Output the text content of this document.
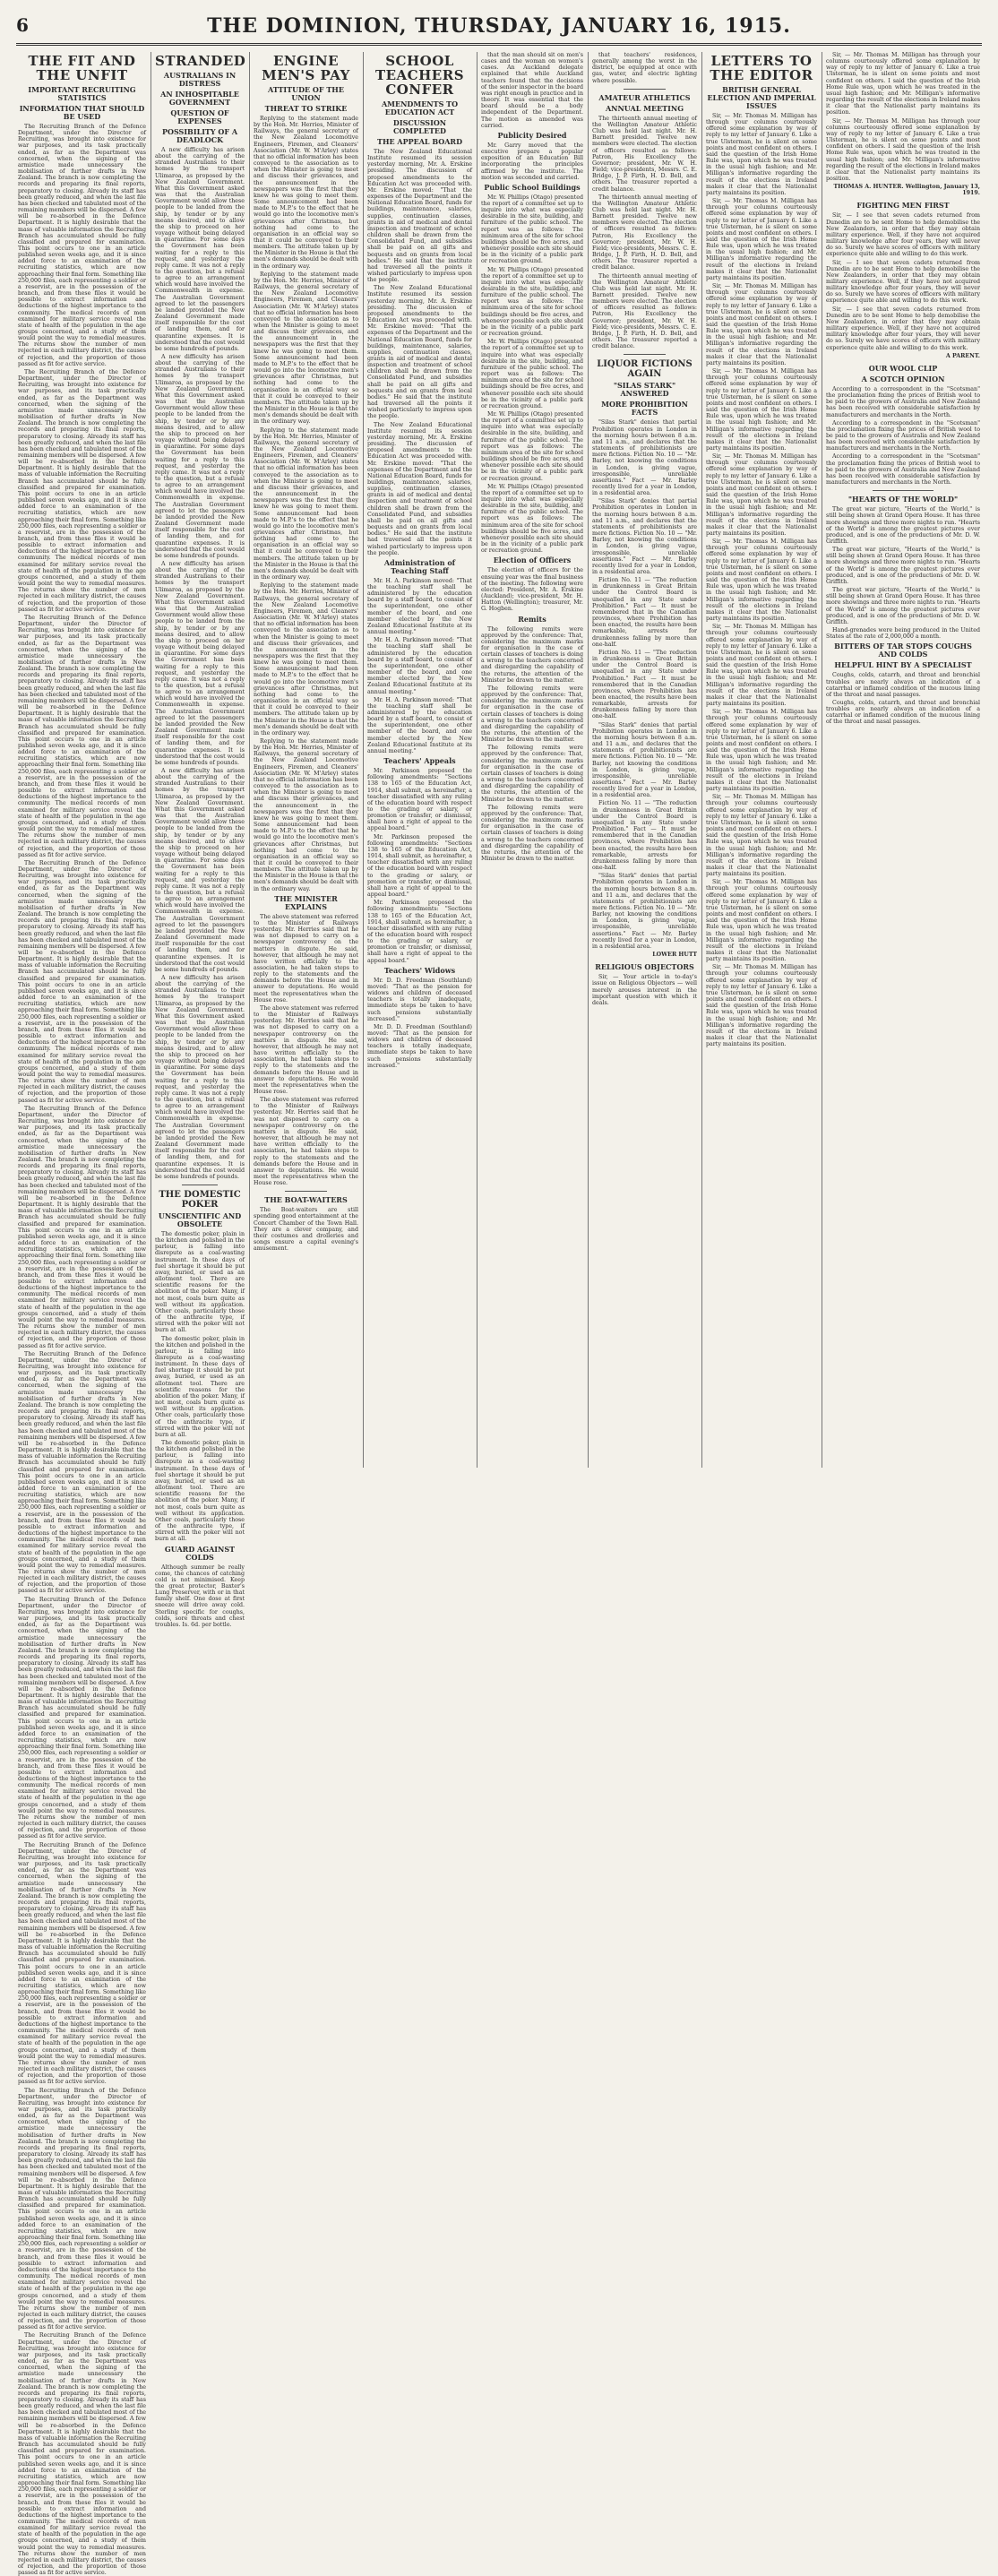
6	THE DOMINION, THURSDAY, JANUARY 16, 1915.
THE FIT AND THE UNFIT
IMPORTANT RECRUITING STATISTICS
INFORMATION THAT SHOULD BE USED

The Recruiting Branch of the Defence Department, under the Director of Recruiting, was brought into existence for war purposes, and its task practically ended, as far as the Department was concerned, when the signing of the armistice made unnecessary the mobilisation of further drafts in New Zealand. The branch is now completing the records and preparing its final reports, preparatory to closing. Already its staff has been greatly reduced, and when the last file has been checked and tabulated most of the remaining members will be dispersed. A few will be re-absorbed in the Defence Department. It is highly desirable that the mass of valuable information the Recruiting Branch has accumulated should be fully classified and prepared for examination. This point occurs to one in an article published seven weeks ago, and it is since added force to an examination of the recruiting statistics, which are now approaching their final form. Something like 250,000 files, each representing a soldier or a reservist, are in the possession of the branch, and from these files it would be possible to extract information and deductions of the highest importance to the community. The medical records of men examined for military service reveal the state of health of the population in the age groups concerned, and a study of them would point the way to remedial measures. The returns show the number of men rejected in each military district, the causes of rejection, and the proportion of those passed as fit for active service.

The Recruiting Branch of the Defence Department, under the Director of Recruiting, was brought into existence for war purposes, and its task practically ended, as far as the Department was concerned, when the signing of the armistice made unnecessary the mobilisation of further drafts in New Zealand. The branch is now completing the records and preparing its final reports, preparatory to closing. Already its staff has been greatly reduced, and when the last file has been checked and tabulated most of the remaining members will be dispersed. A few will be re-absorbed in the Defence Department. It is highly desirable that the mass of valuable information the Recruiting Branch has accumulated should be fully classified and prepared for examination. This point occurs to one in an article published seven weeks ago, and it is since added force to an examination of the recruiting statistics, which are now approaching their final form. Something like 250,000 files, each representing a soldier or a reservist, are in the possession of the branch, and from these files it would be possible to extract information and deductions of the highest importance to the community. The medical records of men examined for military service reveal the state of health of the population in the age groups concerned, and a study of them would point the way to remedial measures. The returns show the number of men rejected in each military district, the causes of rejection, and the proportion of those passed as fit for active service.

The Recruiting Branch of the Defence Department, under the Director of Recruiting, was brought into existence for war purposes, and its task practically ended, as far as the Department was concerned, when the signing of the armistice made unnecessary the mobilisation of further drafts in New Zealand. The branch is now completing the records and preparing its final reports, preparatory to closing. Already its staff has been greatly reduced, and when the last file has been checked and tabulated most of the remaining members will be dispersed. A few will be re-absorbed in the Defence Department. It is highly desirable that the mass of valuable information the Recruiting Branch has accumulated should be fully classified and prepared for examination. This point occurs to one in an article published seven weeks ago, and it is since added force to an examination of the recruiting statistics, which are now approaching their final form. Something like 250,000 files, each representing a soldier or a reservist, are in the possession of the branch, and from these files it would be possible to extract information and deductions of the highest importance to the community. The medical records of men examined for military service reveal the state of health of the population in the age groups concerned, and a study of them would point the way to remedial measures. The returns show the number of men rejected in each military district, the causes of rejection, and the proportion of those passed as fit for active service.

The Recruiting Branch of the Defence Department, under the Director of Recruiting, was brought into existence for war purposes, and its task practically ended, as far as the Department was concerned, when the signing of the armistice made unnecessary the mobilisation of further drafts in New Zealand. The branch is now completing the records and preparing its final reports, preparatory to closing. Already its staff has been greatly reduced, and when the last file has been checked and tabulated most of the remaining members will be dispersed. A few will be re-absorbed in the Defence Department. It is highly desirable that the mass of valuable information the Recruiting Branch has accumulated should be fully classified and prepared for examination. This point occurs to one in an article published seven weeks ago, and it is since added force to an examination of the recruiting statistics, which are now approaching their final form. Something like 250,000 files, each representing a soldier or a reservist, are in the possession of the branch, and from these files it would be possible to extract information and deductions of the highest importance to the community. The medical records of men examined for military service reveal the state of health of the population in the age groups concerned, and a study of them would point the way to remedial measures. The returns show the number of men rejected in each military district, the causes of rejection, and the proportion of those passed as fit for active service.

The Recruiting Branch of the Defence Department, under the Director of Recruiting, was brought into existence for war purposes, and its task practically ended, as far as the Department was concerned, when the signing of the armistice made unnecessary the mobilisation of further drafts in New Zealand. The branch is now completing the records and preparing its final reports, preparatory to closing. Already its staff has been greatly reduced, and when the last file has been checked and tabulated most of the remaining members will be dispersed. A few will be re-absorbed in the Defence Department. It is highly desirable that the mass of valuable information the Recruiting Branch has accumulated should be fully classified and prepared for examination. This point occurs to one in an article published seven weeks ago, and it is since added force to an examination of the recruiting statistics, which are now approaching their final form. Something like 250,000 files, each representing a soldier or a reservist, are in the possession of the branch, and from these files it would be possible to extract information and deductions of the highest importance to the community. The medical records of men examined for military service reveal the state of health of the population in the age groups concerned, and a study of them would point the way to remedial measures. The returns show the number of men rejected in each military district, the causes of rejection, and the proportion of those passed as fit for active service.

The Recruiting Branch of the Defence Department, under the Director of Recruiting, was brought into existence for war purposes, and its task practically ended, as far as the Department was concerned, when the signing of the armistice made unnecessary the mobilisation of further drafts in New Zealand. The branch is now completing the records and preparing its final reports, preparatory to closing. Already its staff has been greatly reduced, and when the last file has been checked and tabulated most of the remaining members will be dispersed. A few will be re-absorbed in the Defence Department. It is highly desirable that the mass of valuable information the Recruiting Branch has accumulated should be fully classified and prepared for examination. This point occurs to one in an article published seven weeks ago, and it is since added force to an examination of the recruiting statistics, which are now approaching their final form. Something like 250,000 files, each representing a soldier or a reservist, are in the possession of the branch, and from these files it would be possible to extract information and deductions of the highest importance to the community. The medical records of men examined for military service reveal the state of health of the population in the age groups concerned, and a study of them would point the way to remedial measures. The returns show the number of men rejected in each military district, the causes of rejection, and the proportion of those passed as fit for active service.

The Recruiting Branch of the Defence Department, under the Director of Recruiting, was brought into existence for war purposes, and its task practically ended, as far as the Department was concerned, when the signing of the armistice made unnecessary the mobilisation of further drafts in New Zealand. The branch is now completing the records and preparing its final reports, preparatory to closing. Already its staff has been greatly reduced, and when the last file has been checked and tabulated most of the remaining members will be dispersed. A few will be re-absorbed in the Defence Department. It is highly desirable that the mass of valuable information the Recruiting Branch has accumulated should be fully classified and prepared for examination. This point occurs to one in an article published seven weeks ago, and it is since added force to an examination of the recruiting statistics, which are now approaching their final form. Something like 250,000 files, each representing a soldier or a reservist, are in the possession of the branch, and from these files it would be possible to extract information and deductions of the highest importance to the community. The medical records of men examined for military service reveal the state of health of the population in the age groups concerned, and a study of them would point the way to remedial measures. The returns show the number of men rejected in each military district, the causes of rejection, and the proportion of those passed as fit for active service.

The Recruiting Branch of the Defence Department, under the Director of Recruiting, was brought into existence for war purposes, and its task practically ended, as far as the Department was concerned, when the signing of the armistice made unnecessary the mobilisation of further drafts in New Zealand. The branch is now completing the records and preparing its final reports, preparatory to closing. Already its staff has been greatly reduced, and when the last file has been checked and tabulated most of the remaining members will be dispersed. A few will be re-absorbed in the Defence Department. It is highly desirable that the mass of valuable information the Recruiting Branch has accumulated should be fully classified and prepared for examination. This point occurs to one in an article published seven weeks ago, and it is since added force to an examination of the recruiting statistics, which are now approaching their final form. Something like 250,000 files, each representing a soldier or a reservist, are in the possession of the branch, and from these files it would be possible to extract information and deductions of the highest importance to the community. The medical records of men examined for military service reveal the state of health of the population in the age groups concerned, and a study of them would point the way to remedial measures. The returns show the number of men rejected in each military district, the causes of rejection, and the proportion of those passed as fit for active service.

The Recruiting Branch of the Defence Department, under the Director of Recruiting, was brought into existence for war purposes, and its task practically ended, as far as the Department was concerned, when the signing of the armistice made unnecessary the mobilisation of further drafts in New Zealand. The branch is now completing the records and preparing its final reports, preparatory to closing. Already its staff has been greatly reduced, and when the last file has been checked and tabulated most of the remaining members will be dispersed. A few will be re-absorbed in the Defence Department. It is highly desirable that the mass of valuable information the Recruiting Branch has accumulated should be fully classified and prepared for examination. This point occurs to one in an article published seven weeks ago, and it is since added force to an examination of the recruiting statistics, which are now approaching their final form. Something like 250,000 files, each representing a soldier or a reservist, are in the possession of the branch, and from these files it would be possible to extract information and deductions of the highest importance to the community. The medical records of men examined for military service reveal the state of health of the population in the age groups concerned, and a study of them would point the way to remedial measures. The returns show the number of men rejected in each military district, the causes of rejection, and the proportion of those passed as fit for active service.

The Recruiting Branch of the Defence Department, under the Director of Recruiting, was brought into existence for war purposes, and its task practically ended, as far as the Department was concerned, when the signing of the armistice made unnecessary the mobilisation of further drafts in New Zealand. The branch is now completing the records and preparing its final reports, preparatory to closing. Already its staff has been greatly reduced, and when the last file has been checked and tabulated most of the remaining members will be dispersed. A few will be re-absorbed in the Defence Department. It is highly desirable that the mass of valuable information the Recruiting Branch has accumulated should be fully classified and prepared for examination. This point occurs to one in an article published seven weeks ago, and it is since added force to an examination of the recruiting statistics, which are now approaching their final form. Something like 250,000 files, each representing a soldier or a reservist, are in the possession of the branch, and from these files it would be possible to extract information and deductions of the highest importance to the community. The medical records of men examined for military service reveal the state of health of the population in the age groups concerned, and a study of them would point the way to remedial measures. The returns show the number of men rejected in each military district, the causes of rejection, and the proportion of those passed as fit for active service.

STRANDED
AUSTRALIANS IN DISTRESS
AN INHOSPITABLE GOVERNMENT
QUESTION OF EXPENSES
POSSIBILITY OF A DEADLOCK

A new difficulty has arisen about the carrying of the stranded Australians to their homes by the transport Ulimaroa, as proposed by the New Zealand Government. What this Government asked was that the Australian Government would allow these people to be landed from the ship, by tender or by any means desired, and to allow the ship to proceed on her voyage without being delayed in quarantine. For some days the Government has been waiting for a reply to this request, and yesterday the reply came. It was not a reply to the question, but a refusal to agree to an arrangement which would have involved the Commonwealth in expense. The Australian Government agreed to let the passengers be landed provided the New Zealand Government made itself responsible for the cost of landing them, and for quarantine expenses. It is understood that the cost would be some hundreds of pounds.

A new difficulty has arisen about the carrying of the stranded Australians to their homes by the transport Ulimaroa, as proposed by the New Zealand Government. What this Government asked was that the Australian Government would allow these people to be landed from the ship, by tender or by any means desired, and to allow the ship to proceed on her voyage without being delayed in quarantine. For some days the Government has been waiting for a reply to this request, and yesterday the reply came. It was not a reply to the question, but a refusal to agree to an arrangement which would have involved the Commonwealth in expense. The Australian Government agreed to let the passengers be landed provided the New Zealand Government made itself responsible for the cost of landing them, and for quarantine expenses. It is understood that the cost would be some hundreds of pounds.

A new difficulty has arisen about the carrying of the stranded Australians to their homes by the transport Ulimaroa, as proposed by the New Zealand Government. What this Government asked was that the Australian Government would allow these people to be landed from the ship, by tender or by any means desired, and to allow the ship to proceed on her voyage without being delayed in quarantine. For some days the Government has been waiting for a reply to this request, and yesterday the reply came. It was not a reply to the question, but a refusal to agree to an arrangement which would have involved the Commonwealth in expense. The Australian Government agreed to let the passengers be landed provided the New Zealand Government made itself responsible for the cost of landing them, and for quarantine expenses. It is understood that the cost would be some hundreds of pounds.

A new difficulty has arisen about the carrying of the stranded Australians to their homes by the transport Ulimaroa, as proposed by the New Zealand Government. What this Government asked was that the Australian Government would allow these people to be landed from the ship, by tender or by any means desired, and to allow the ship to proceed on her voyage without being delayed in quarantine. For some days the Government has been waiting for a reply to this request, and yesterday the reply came. It was not a reply to the question, but a refusal to agree to an arrangement which would have involved the Commonwealth in expense. The Australian Government agreed to let the passengers be landed provided the New Zealand Government made itself responsible for the cost of landing them, and for quarantine expenses. It is understood that the cost would be some hundreds of pounds.

A new difficulty has arisen about the carrying of the stranded Australians to their homes by the transport Ulimaroa, as proposed by the New Zealand Government. What this Government asked was that the Australian Government would allow these people to be landed from the ship, by tender or by any means desired, and to allow the ship to proceed on her voyage without being delayed in quarantine. For some days the Government has been waiting for a reply to this request, and yesterday the reply came. It was not a reply to the question, but a refusal to agree to an arrangement which would have involved the Commonwealth in expense. The Australian Government agreed to let the passengers be landed provided the New Zealand Government made itself responsible for the cost of landing them, and for quarantine expenses. It is understood that the cost would be some hundreds of pounds.

THE DOMESTIC POKER
UNSCIENTIFIC AND OBSOLETE

The domestic poker, plain in the kitchen and polished in the parlour, is falling into disrepute as a coal-wasting instrument. In these days of fuel shortage it should be put away, buried, or used as an allotment tool. There are scientific reasons for the abolition of the poker. Many, if not most, coals burn quite as well without its application. Other coals, particularly those of the anthracite type, if stirred with the poker will not burn at all.

The domestic poker, plain in the kitchen and polished in the parlour, is falling into disrepute as a coal-wasting instrument. In these days of fuel shortage it should be put away, buried, or used as an allotment tool. There are scientific reasons for the abolition of the poker. Many, if not most, coals burn quite as well without its application. Other coals, particularly those of the anthracite type, if stirred with the poker will not burn at all.

The domestic poker, plain in the kitchen and polished in the parlour, is falling into disrepute as a coal-wasting instrument. In these days of fuel shortage it should be put away, buried, or used as an allotment tool. There are scientific reasons for the abolition of the poker. Many, if not most, coals burn quite as well without its application. Other coals, particularly those of the anthracite type, if stirred with the poker will not burn at all.

GUARD AGAINST COLDS

Although summer be really come, the chances of catching cold is not minimised. Keep the great protector, Baxter's Lung Preserver, with or in that family shelf. One dose at first sneeze will drive away cold. Sterling specific for coughs, colds, sore throats and chest troubles. Is. 6d. per bottle.

ENGINE MEN'S PAY
ATTITUDE OF THE UNION
THREAT TO STRIKE

Replying to the statement made by the Hon. Mr. Herries, Minister of Railways, the general secretary of the New Zealand Locomotive Engineers, Firemen, and Cleaners' Association (Mr. W. M'Arley) states that no official information has been conveyed to the association as to when the Minister is going to meet and discuss their grievances, and the announcement in the newspapers was the first that they knew he was going to meet them. Some announcement had been made to M.P.'s to the effect that he would go into the locomotive men's grievances after Christmas, but nothing had come to the organisation in an official way so that it could be conveyed to their members. The attitude taken up by the Minister in the House is that the men's demands should be dealt with in the ordinary way.

Replying to the statement made by the Hon. Mr. Herries, Minister of Railways, the general secretary of the New Zealand Locomotive Engineers, Firemen, and Cleaners' Association (Mr. W. M'Arley) states that no official information has been conveyed to the association as to when the Minister is going to meet and discuss their grievances, and the announcement in the newspapers was the first that they knew he was going to meet them. Some announcement had been made to M.P.'s to the effect that he would go into the locomotive men's grievances after Christmas, but nothing had come to the organisation in an official way so that it could be conveyed to their members. The attitude taken up by the Minister in the House is that the men's demands should be dealt with in the ordinary way.

Replying to the statement made by the Hon. Mr. Herries, Minister of Railways, the general secretary of the New Zealand Locomotive Engineers, Firemen, and Cleaners' Association (Mr. W. M'Arley) states that no official information has been conveyed to the association as to when the Minister is going to meet and discuss their grievances, and the announcement in the newspapers was the first that they knew he was going to meet them. Some announcement had been made to M.P.'s to the effect that he would go into the locomotive men's grievances after Christmas, but nothing had come to the organisation in an official way so that it could be conveyed to their members. The attitude taken up by the Minister in the House is that the men's demands should be dealt with in the ordinary way.

Replying to the statement made by the Hon. Mr. Herries, Minister of Railways, the general secretary of the New Zealand Locomotive Engineers, Firemen, and Cleaners' Association (Mr. W. M'Arley) states that no official information has been conveyed to the association as to when the Minister is going to meet and discuss their grievances, and the announcement in the newspapers was the first that they knew he was going to meet them. Some announcement had been made to M.P.'s to the effect that he would go into the locomotive men's grievances after Christmas, but nothing had come to the organisation in an official way so that it could be conveyed to their members. The attitude taken up by the Minister in the House is that the men's demands should be dealt with in the ordinary way.

Replying to the statement made by the Hon. Mr. Herries, Minister of Railways, the general secretary of the New Zealand Locomotive Engineers, Firemen, and Cleaners' Association (Mr. W. M'Arley) states that no official information has been conveyed to the association as to when the Minister is going to meet and discuss their grievances, and the announcement in the newspapers was the first that they knew he was going to meet them. Some announcement had been made to M.P.'s to the effect that he would go into the locomotive men's grievances after Christmas, but nothing had come to the organisation in an official way so that it could be conveyed to their members. The attitude taken up by the Minister in the House is that the men's demands should be dealt with in the ordinary way.

THE MINISTER EXPLAINS

The above statement was referred to the Minister of Railways yesterday. Mr. Herries said that he was not disposed to carry on a newspaper controversy on the matters in dispute. He said, however, that although he may not have written officially to the association, he had taken steps to reply to the statements and the demands before the House and in answer to deputations. He would meet the representatives when the House rose.

The above statement was referred to the Minister of Railways yesterday. Mr. Herries said that he was not disposed to carry on a newspaper controversy on the matters in dispute. He said, however, that although he may not have written officially to the association, he had taken steps to reply to the statements and the demands before the House and in answer to deputations. He would meet the representatives when the House rose.

The above statement was referred to the Minister of Railways yesterday. Mr. Herries said that he was not disposed to carry on a newspaper controversy on the matters in dispute. He said, however, that although he may not have written officially to the association, he had taken steps to reply to the statements and the demands before the House and in answer to deputations. He would meet the representatives when the House rose.

THE BOAT-WAITERS

The Boat-waiters are still spending good entertainment at the Concert Chamber of the Town Hall. They are a clever company, and their costumes and drolleries and songs ensure a capital evening's amusement.

SCHOOL TEACHERS CONFER
AMENDMENTS TO EDUCATION ACT
DISCUSSION COMPLETED
THE APPEAL BOARD

The New Zealand Educational Institute resumed its session yesterday morning, Mr. A. Erskine presiding. The discussion of proposed amendments to the Education Act was proceeded with. Mr. Erskine moved: "That the expenses of the Department and the National Education Board, funds for buildings, maintenance, salaries, supplies, continuation classes, grants in aid of medical and dental inspection and treatment of school children shall be drawn from the Consolidated Fund, and subsidies shall be paid on all gifts and bequests and on grants from local bodies." He said that the institute had traversed all the points it wished particularly to impress upon the people.

The New Zealand Educational Institute resumed its session yesterday morning, Mr. A. Erskine presiding. The discussion of proposed amendments to the Education Act was proceeded with. Mr. Erskine moved: "That the expenses of the Department and the National Education Board, funds for buildings, maintenance, salaries, supplies, continuation classes, grants in aid of medical and dental inspection and treatment of school children shall be drawn from the Consolidated Fund, and subsidies shall be paid on all gifts and bequests and on grants from local bodies." He said that the institute had traversed all the points it wished particularly to impress upon the people.

The New Zealand Educational Institute resumed its session yesterday morning, Mr. A. Erskine presiding. The discussion of proposed amendments to the Education Act was proceeded with. Mr. Erskine moved: "That the expenses of the Department and the National Education Board, funds for buildings, maintenance, salaries, supplies, continuation classes, grants in aid of medical and dental inspection and treatment of school children shall be drawn from the Consolidated Fund, and subsidies shall be paid on all gifts and bequests and on grants from local bodies." He said that the institute had traversed all the points it wished particularly to impress upon the people.

Administration of Teaching Staff

Mr. H. A. Parkinson moved: "That the teaching staff shall be administered by the education board by a staff board, to consist of the superintendent, one other member of the board, and one member elected by the New Zealand Educational Institute at its annual meeting."

Mr. H. A. Parkinson moved: "That the teaching staff shall be administered by the education board by a staff board, to consist of the superintendent, one other member of the board, and one member elected by the New Zealand Educational Institute at its annual meeting."

Mr. H. A. Parkinson moved: "That the teaching staff shall be administered by the education board by a staff board, to consist of the superintendent, one other member of the board, and one member elected by the New Zealand Educational Institute at its annual meeting."

Teachers' Appeals

Mr. Parkinson proposed the following amendments: "Sections 138 to 165 of the Education Act, 1914, shall submit, as hereinafter, a teacher dissatisfied with any ruling of the education board with respect to the grading or salary, or promotion or transfer, or dismissal, shall have a right of appeal to the appeal board."

Mr. Parkinson proposed the following amendments: "Sections 138 to 165 of the Education Act, 1914, shall submit, as hereinafter, a teacher dissatisfied with any ruling of the education board with respect to the grading or salary, or promotion or transfer, or dismissal, shall have a right of appeal to the appeal board."

Mr. Parkinson proposed the following amendments: "Sections 138 to 165 of the Education Act, 1914, shall submit, as hereinafter, a teacher dissatisfied with any ruling of the education board with respect to the grading or salary, or promotion or transfer, or dismissal, shall have a right of appeal to the appeal board."

Teachers' Widows

Mr. D. D. Freedman (Southland) moved: "That as the pension for widows and children of deceased teachers is totally inadequate, immediate steps be taken to have such pensions substantially increased."

Mr. D. D. Freedman (Southland) moved: "That as the pension for widows and children of deceased teachers is totally inadequate, immediate steps be taken to have such pensions substantially increased."

that the man should sit on men's cases and the woman on women's cases. An Auckland delegate explained that while Auckland teachers found that the decisions of the senior inspector in the board was right enough in practice and in theory. It was essential that the board should be a body independent of the Department. The motion as amended was carried.

Publicity Desired

Mr. Garry moved that the executive prepare a popular exposition of an Education Bill incorporating the principles affirmed by the institute. The motion was seconded and carried.

Public School Buildings

Mr. W. Phillips (Otago) presented the report of a committee set up to inquire into what was especially desirable in the site, building, and furniture of the public school. The report was as follows: The minimum area of the site for school buildings should be five acres, and whenever possible each site should be in the vicinity of a public park or recreation ground.

Mr. W. Phillips (Otago) presented the report of a committee set up to inquire into what was especially desirable in the site, building, and furniture of the public school. The report was as follows: The minimum area of the site for school buildings should be five acres, and whenever possible each site should be in the vicinity of a public park or recreation ground.

Mr. W. Phillips (Otago) presented the report of a committee set up to inquire into what was especially desirable in the site, building, and furniture of the public school. The report was as follows: The minimum area of the site for school buildings should be five acres, and whenever possible each site should be in the vicinity of a public park or recreation ground.

Mr. W. Phillips (Otago) presented the report of a committee set up to inquire into what was especially desirable in the site, building, and furniture of the public school. The report was as follows: The minimum area of the site for school buildings should be five acres, and whenever possible each site should be in the vicinity of a public park or recreation ground.

Mr. W. Phillips (Otago) presented the report of a committee set up to inquire into what was especially desirable in the site, building, and furniture of the public school. The report was as follows: The minimum area of the site for school buildings should be five acres, and whenever possible each site should be in the vicinity of a public park or recreation ground.

Election of Officers

The election of officers for the ensuing year was the final business of the meeting. The following were elected: President, Mr. A. Erskine (Auckland); vice-president, Mr. H. Hatton (Wellington); treasurer, Mr. G. Hogben.

Remits

The following remits were approved by the conference: That, considering the maximum marks for organisation in the case of certain classes of teachers is doing a wrong to the teachers concerned and disregarding the capability of the returns, the attention of the Minister be drawn to the matter.

The following remits were approved by the conference: That, considering the maximum marks for organisation in the case of certain classes of teachers is doing a wrong to the teachers concerned and disregarding the capability of the returns, the attention of the Minister be drawn to the matter.

The following remits were approved by the conference: That, considering the maximum marks for organisation in the case of certain classes of teachers is doing a wrong to the teachers concerned and disregarding the capability of the returns, the attention of the Minister be drawn to the matter.

The following remits were approved by the conference: That, considering the maximum marks for organisation in the case of certain classes of teachers is doing a wrong to the teachers concerned and disregarding the capability of the returns, the attention of the Minister be drawn to the matter.

that teachers' residences, generally among the worst in the district, be equipped at once with gas, water, and electric lighting where possible.

AMATEUR ATHLETICS
ANNUAL MEETING

The thirteenth annual meeting of the Wellington Amateur Athletic Club was held last night. Mr. H. Barnett presided. Twelve new members were elected. The election of officers resulted as follows: Patron, His Excellency the Governor; president, Mr. W. H. Field; vice-presidents, Messrs. C. E. Bridge, J. P. Firth, H. D. Bell, and others. The treasurer reported a credit balance.

The thirteenth annual meeting of the Wellington Amateur Athletic Club was held last night. Mr. H. Barnett presided. Twelve new members were elected. The election of officers resulted as follows: Patron, His Excellency the Governor; president, Mr. W. H. Field; vice-presidents, Messrs. C. E. Bridge, J. P. Firth, H. D. Bell, and others. The treasurer reported a credit balance.

The thirteenth annual meeting of the Wellington Amateur Athletic Club was held last night. Mr. H. Barnett presided. Twelve new members were elected. The election of officers resulted as follows: Patron, His Excellency the Governor; president, Mr. W. H. Field; vice-presidents, Messrs. C. E. Bridge, J. P. Firth, H. D. Bell, and others. The treasurer reported a credit balance.

LIQUOR FICTIONS AGAIN
"SILAS STARK" ANSWERED
MORE PROHIBITION FACTS

"Silas Stark" denies that partial Prohibition operates in London in the morning hours between 8 a.m. and 11 a.m., and declares that the statements of prohibitionists are mere fictions. Fiction No. 10 — "Mr. Barley, not knowing the conditions in London, is giving vague, irresponsible, unreliable assertions." Fact — Mr. Barley recently lived for a year in London, in a residential area.

"Silas Stark" denies that partial Prohibition operates in London in the morning hours between 8 a.m. and 11 a.m., and declares that the statements of prohibitionists are mere fictions. Fiction No. 10 — "Mr. Barley, not knowing the conditions in London, is giving vague, irresponsible, unreliable assertions." Fact — Mr. Barley recently lived for a year in London, in a residential area.

Fiction No. 11 — "The reduction in drunkenness in Great Britain under the Control Board is unequalled in any State under Prohibition." Fact — It must be remembered that in the Canadian provinces, where Prohibition has been enacted, the results have been remarkable, arrests for drunkenness falling by more than one-half.

Fiction No. 11 — "The reduction in drunkenness in Great Britain under the Control Board is unequalled in any State under Prohibition." Fact — It must be remembered that in the Canadian provinces, where Prohibition has been enacted, the results have been remarkable, arrests for drunkenness falling by more than one-half.

"Silas Stark" denies that partial Prohibition operates in London in the morning hours between 8 a.m. and 11 a.m., and declares that the statements of prohibitionists are mere fictions. Fiction No. 10 — "Mr. Barley, not knowing the conditions in London, is giving vague, irresponsible, unreliable assertions." Fact — Mr. Barley recently lived for a year in London, in a residential area.

Fiction No. 11 — "The reduction in drunkenness in Great Britain under the Control Board is unequalled in any State under Prohibition." Fact — It must be remembered that in the Canadian provinces, where Prohibition has been enacted, the results have been remarkable, arrests for drunkenness falling by more than one-half.

"Silas Stark" denies that partial Prohibition operates in London in the morning hours between 8 a.m. and 11 a.m., and declares that the statements of prohibitionists are mere fictions. Fiction No. 10 — "Mr. Barley, not knowing the conditions in London, is giving vague, irresponsible, unreliable assertions." Fact — Mr. Barley recently lived for a year in London, in a residential area.

LOWER HUTT
RELIGIOUS OBJECTORS

Sir, — Your article in to-day's issue on Religious Objectors — well merely arouses interest in the important question with which it deals.

LETTERS TO THE EDITOR
BRITISH GENERAL ELECTION AND IMPERIAL ISSUES

Sir, — Mr. Thomas M. Milligan has through your columns courteously offered some explanation by way of reply to my letter of January 6. Like a true Ulsterman, he is silent on some points and most confident on others. I said the question of the Irish Home Rule was, upon which he was treated in the usual high fashion; and Mr. Milligan's informative regarding the result of the elections in Ireland makes it clear that the Nationalist party maintains its position.

Sir, — Mr. Thomas M. Milligan has through your columns courteously offered some explanation by way of reply to my letter of January 6. Like a true Ulsterman, he is silent on some points and most confident on others. I said the question of the Irish Home Rule was, upon which he was treated in the usual high fashion; and Mr. Milligan's informative regarding the result of the elections in Ireland makes it clear that the Nationalist party maintains its position.

Sir, — Mr. Thomas M. Milligan has through your columns courteously offered some explanation by way of reply to my letter of January 6. Like a true Ulsterman, he is silent on some points and most confident on others. I said the question of the Irish Home Rule was, upon which he was treated in the usual high fashion; and Mr. Milligan's informative regarding the result of the elections in Ireland makes it clear that the Nationalist party maintains its position.

Sir, — Mr. Thomas M. Milligan has through your columns courteously offered some explanation by way of reply to my letter of January 6. Like a true Ulsterman, he is silent on some points and most confident on others. I said the question of the Irish Home Rule was, upon which he was treated in the usual high fashion; and Mr. Milligan's informative regarding the result of the elections in Ireland makes it clear that the Nationalist party maintains its position.

Sir, — Mr. Thomas M. Milligan has through your columns courteously offered some explanation by way of reply to my letter of January 6. Like a true Ulsterman, he is silent on some points and most confident on others. I said the question of the Irish Home Rule was, upon which he was treated in the usual high fashion; and Mr. Milligan's informative regarding the result of the elections in Ireland makes it clear that the Nationalist party maintains its position.

Sir, — Mr. Thomas M. Milligan has through your columns courteously offered some explanation by way of reply to my letter of January 6. Like a true Ulsterman, he is silent on some points and most confident on others. I said the question of the Irish Home Rule was, upon which he was treated in the usual high fashion; and Mr. Milligan's informative regarding the result of the elections in Ireland makes it clear that the Nationalist party maintains its position.

Sir, — Mr. Thomas M. Milligan has through your columns courteously offered some explanation by way of reply to my letter of January 6. Like a true Ulsterman, he is silent on some points and most confident on others. I said the question of the Irish Home Rule was, upon which he was treated in the usual high fashion; and Mr. Milligan's informative regarding the result of the elections in Ireland makes it clear that the Nationalist party maintains its position.

Sir, — Mr. Thomas M. Milligan has through your columns courteously offered some explanation by way of reply to my letter of January 6. Like a true Ulsterman, he is silent on some points and most confident on others. I said the question of the Irish Home Rule was, upon which he was treated in the usual high fashion; and Mr. Milligan's informative regarding the result of the elections in Ireland makes it clear that the Nationalist party maintains its position.

Sir, — Mr. Thomas M. Milligan has through your columns courteously offered some explanation by way of reply to my letter of January 6. Like a true Ulsterman, he is silent on some points and most confident on others. I said the question of the Irish Home Rule was, upon which he was treated in the usual high fashion; and Mr. Milligan's informative regarding the result of the elections in Ireland makes it clear that the Nationalist party maintains its position.

Sir, — Mr. Thomas M. Milligan has through your columns courteously offered some explanation by way of reply to my letter of January 6. Like a true Ulsterman, he is silent on some points and most confident on others. I said the question of the Irish Home Rule was, upon which he was treated in the usual high fashion; and Mr. Milligan's informative regarding the result of the elections in Ireland makes it clear that the Nationalist party maintains its position.

Sir, — Mr. Thomas M. Milligan has through your columns courteously offered some explanation by way of reply to my letter of January 6. Like a true Ulsterman, he is silent on some points and most confident on others. I said the question of the Irish Home Rule was, upon which he was treated in the usual high fashion; and Mr. Milligan's informative regarding the result of the elections in Ireland makes it clear that the Nationalist party maintains its position.

Sir, — Mr. Thomas M. Milligan has through your columns courteously offered some explanation by way of reply to my letter of January 6. Like a true Ulsterman, he is silent on some points and most confident on others. I said the question of the Irish Home Rule was, upon which he was treated in the usual high fashion; and Mr. Milligan's informative regarding the result of the elections in Ireland makes it clear that the Nationalist party maintains its position.

Sir, — Mr. Thomas M. Milligan has through your columns courteously offered some explanation by way of reply to my letter of January 6. Like a true Ulsterman, he is silent on some points and most confident on others. I said the question of the Irish Home Rule was, upon which he was treated in the usual high fashion; and Mr. Milligan's informative regarding the result of the elections in Ireland makes it clear that the Nationalist party maintains its position.

THOMAS A. HUNTER. Wellington, January 13, 1919.
FIGHTING MEN FIRST

Sir, — I see that seven cadets returned from Dunedin are to be sent Home to help demobilise the New Zealanders, in order that they may obtain military experience. Well, if they have not acquired military knowledge after four years, they will never do so. Surely we have scores of officers with military experience quite able and willing to do this work.

Sir, — I see that seven cadets returned from Dunedin are to be sent Home to help demobilise the New Zealanders, in order that they may obtain military experience. Well, if they have not acquired military knowledge after four years, they will never do so. Surely we have scores of officers with military experience quite able and willing to do this work.

Sir, — I see that seven cadets returned from Dunedin are to be sent Home to help demobilise the New Zealanders, in order that they may obtain military experience. Well, if they have not acquired military knowledge after four years, they will never do so. Surely we have scores of officers with military experience quite able and willing to do this work.

A PARENT.
OUR WOOL CLIP
A SCOTCH OPINION

According to a correspondent in the "Scotsman" the proclamation fixing the prices of British wool to be paid to the growers of Australia and New Zealand has been received with considerable satisfaction by manufacturers and merchants in the North.

According to a correspondent in the "Scotsman" the proclamation fixing the prices of British wool to be paid to the growers of Australia and New Zealand has been received with considerable satisfaction by manufacturers and merchants in the North.

According to a correspondent in the "Scotsman" the proclamation fixing the prices of British wool to be paid to the growers of Australia and New Zealand has been received with considerable satisfaction by manufacturers and merchants in the North.

"HEARTS OF THE WORLD"

The great war picture, "Hearts of the World," is still being shown at Grand Opera House. It has three more showings and three more nights to run. "Hearts of the World" is among the greatest pictures ever produced, and is one of the productions of Mr. D. W. Griffith.

The great war picture, "Hearts of the World," is still being shown at Grand Opera House. It has three more showings and three more nights to run. "Hearts of the World" is among the greatest pictures ever produced, and is one of the productions of Mr. D. W. Griffith.

The great war picture, "Hearts of the World," is still being shown at Grand Opera House. It has three more showings and three more nights to run. "Hearts of the World" is among the greatest pictures ever produced, and is one of the productions of Mr. D. W. Griffith.

Hand-grenades were being produced in the United States at the rate of 2,000,000 a month.

BITTERS OF TAR STOPS COUGHS AND COLDS
HELPFUL HINT BY A SPECIALIST

Coughs, colds, catarrh, and throat and bronchial troubles are nearly always an indication of a catarrhal or inflamed condition of the mucous lining of the throat and nasal passages.

Coughs, colds, catarrh, and throat and bronchial troubles are nearly always an indication of a catarrhal or inflamed condition of the mucous lining of the throat and nasal passages.
